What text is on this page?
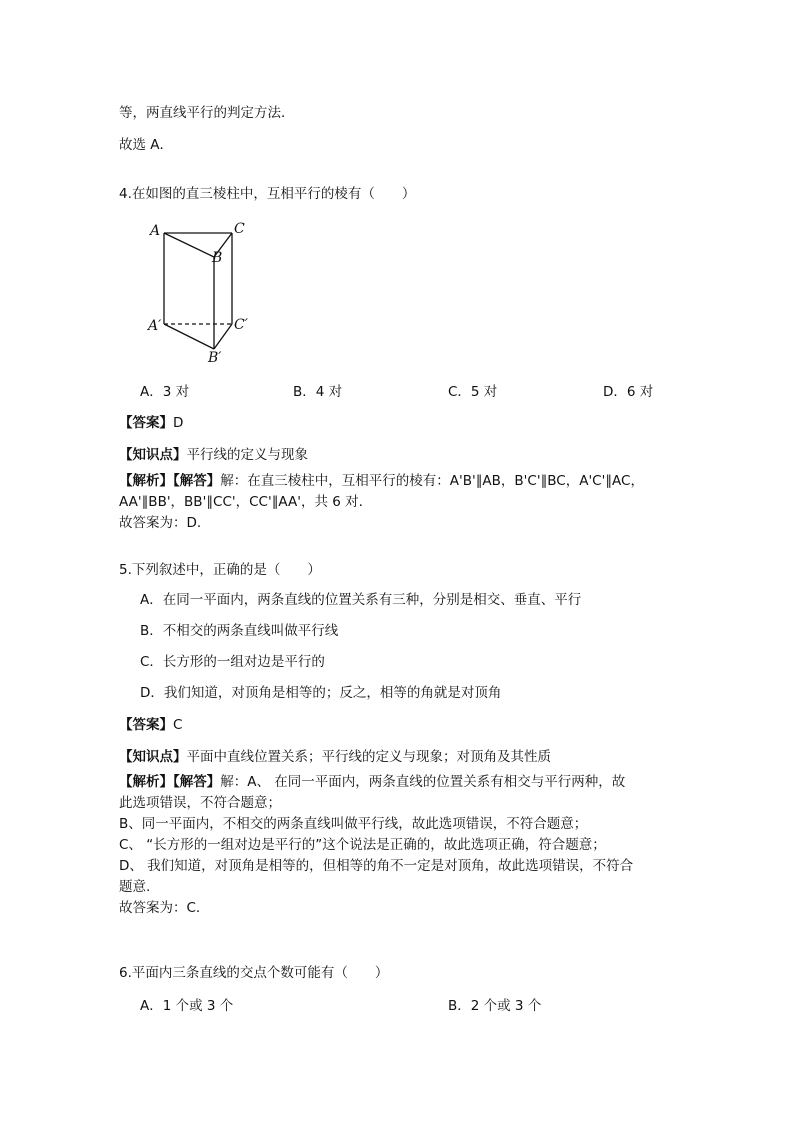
等，两直线平行的判定方法．
故选 A．
4.在如图的直三棱柱中，互相平行的棱有（　　）
A
B
C
A′
B′
C′
A．3 对	B．4 对	C．5 对	D．6 对
【答案】D
【知识点】平行线的定义与现象
【解析】【解答】解：在直三棱柱中，互相平行的棱有：A'B'∥AB，B'C'∥BC，A'C'∥AC，
AA'∥BB'，BB'∥CC'，CC'∥AA'，共 6 对.
故答案为：D.
5.下列叙述中，正确的是（　　）
A．在同一平面内，两条直线的位置关系有三种，分别是相交、垂直、平行
B．不相交的两条直线叫做平行线
C．长方形的一组对边是平行的
D．我们知道，对顶角是相等的；反之，相等的角就是对顶角
【答案】C
【知识点】平面中直线位置关系；平行线的定义与现象；对顶角及其性质
【解析】【解答】解：A、 在同一平面内，两条直线的位置关系有相交与平行两种，故
此选项错误，不符合题意；
B、同一平面内，不相交的两条直线叫做平行线，故此选项错误，不符合题意；
C、 “长方形的一组对边是平行的”这个说法是正确的，故此选项正确，符合题意；
D、 我们知道，对顶角是相等的，但相等的角不一定是对顶角，故此选项错误，不符合
题意.
故答案为：C.
6.平面内三条直线的交点个数可能有（　　）
A．1 个或 3 个	B．2 个或 3 个
